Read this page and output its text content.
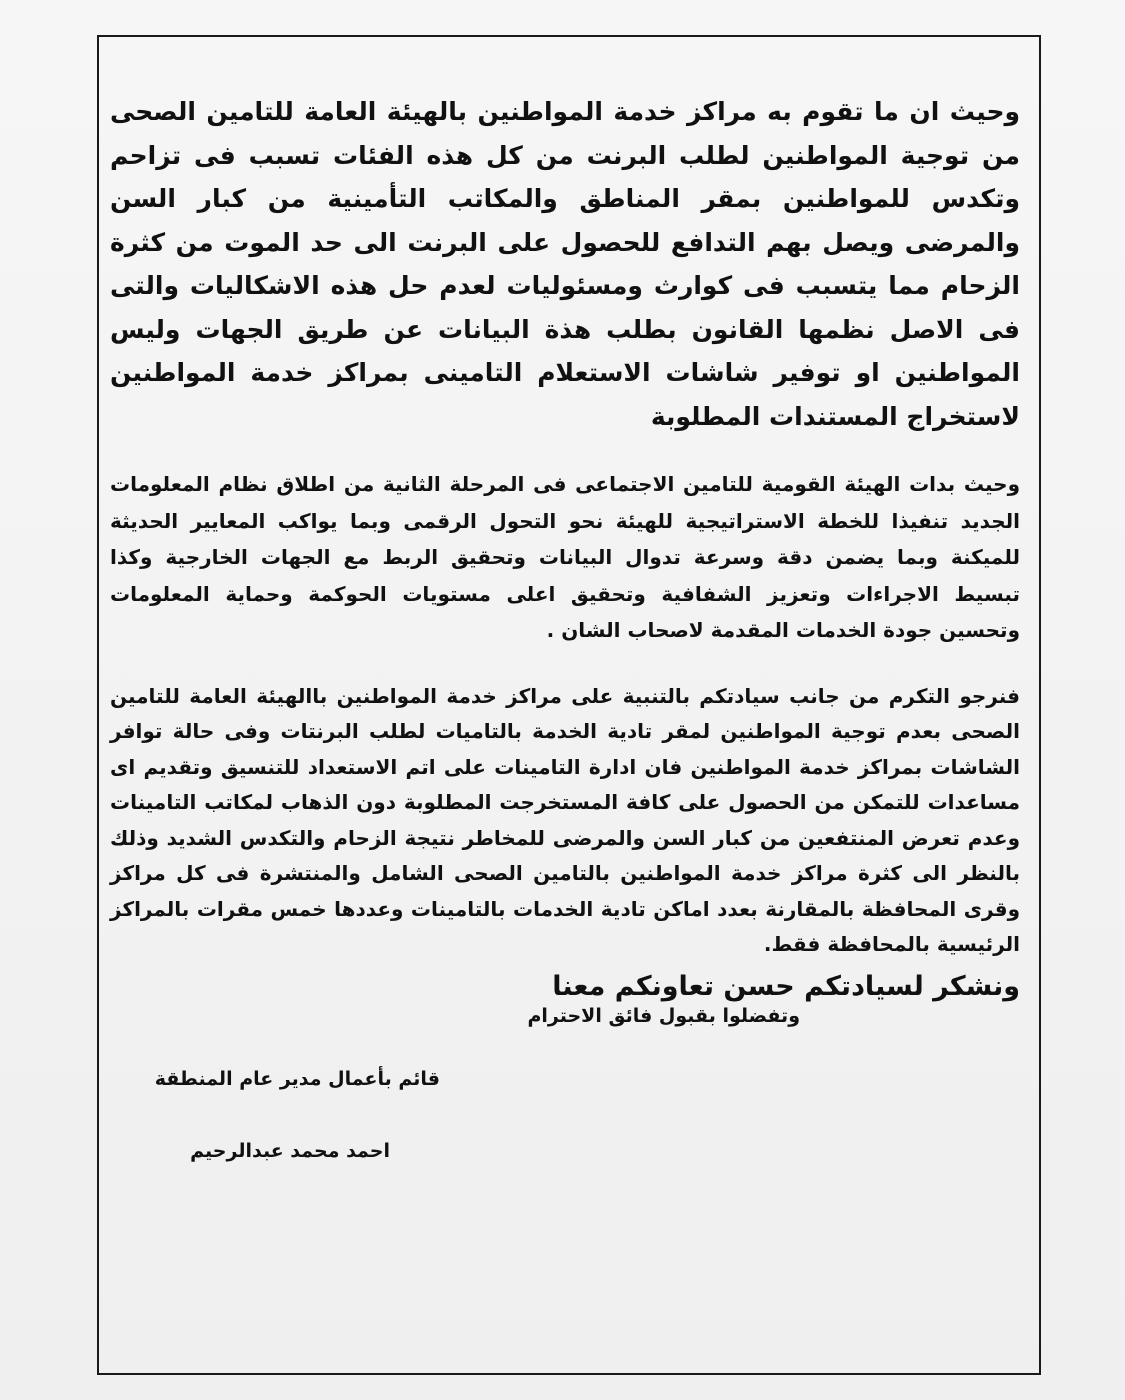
وحيث ان ما تقوم به مراكز خدمة المواطنين بالهيئة العامة للتامين الصحى من توجية المواطنين لطلب البرنت من كل هذه الفئات تسبب فى تزاحم وتكدس للمواطنين بمقر المناطق والمكاتب التأمينية من كبار السن والمرضى ويصل بهم التدافع للحصول على البرنت الى حد الموت من كثرة الزحام مما يتسبب فى كوارث ومسئوليات لعدم حل هذه الاشكاليات والتى فى الاصل نظمها القانون بطلب هذة البيانات عن طريق الجهات وليس المواطنين او توفير شاشات الاستعلام التامينى بمراكز خدمة المواطنين لاستخراج المستندات المطلوبة

وحيث بدات الهيئة القومية للتامين الاجتماعى فى المرحلة الثانية من اطلاق نظام المعلومات الجديد تنفيذا للخطة الاستراتيجية للهيئة نحو التحول الرقمى وبما يواكب المعايير الحديثة للميكنة وبما يضمن دقة وسرعة تدوال البيانات وتحقيق الربط مع الجهات الخارجية وكذا تبسيط الاجراءات وتعزيز الشفافية وتحقيق اعلى مستويات الحوكمة وحماية المعلومات وتحسين جودة الخدمات المقدمة لاصحاب الشان .

فنرجو التكرم من جانب سيادتكم بالتنبية على مراكز خدمة المواطنين باالهيئة العامة للتامين الصحى بعدم توجية المواطنين لمقر تادية الخدمة بالتاميات لطلب البرنتات وفى حالة توافر الشاشات بمراكز خدمة المواطنين فان ادارة التامينات على اتم الاستعداد للتنسيق وتقديم اى مساعدات للتمكن من الحصول على كافة المستخرجت المطلوبة دون الذهاب لمكاتب التامينات وعدم تعرض المنتفعين من كبار السن والمرضى للمخاطر نتيجة الزحام والتكدس الشديد وذلك بالنظر الى كثرة مراكز خدمة المواطنين بالتامين الصحى الشامل والمنتشرة فى كل مراكز وقرى المحافظة بالمقارنة بعدد اماكن تادية الخدمات بالتامينات وعددها خمس مقرات بالمراكز الرئيسية بالمحافظة فقط.

ونشكر لسيادتكم حسن تعاونكم معنا

وتفضلوا بقبول فائق الاحترام
قائم بأعمال مدير عام المنطقة
احمد محمد عبدالرحيم
